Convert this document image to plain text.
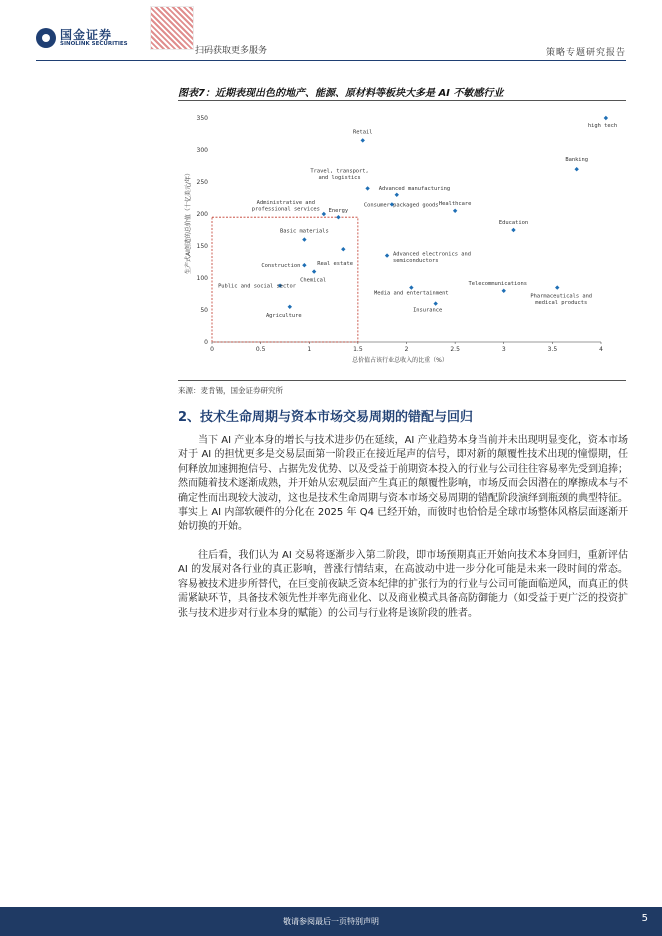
国金证券
SINOLINK SECURITIES
扫码获取更多服务	策略专题研究报告
图表7：近期表现出色的地产、能源、原材料等板块大多是 AI 不敏感行业
0
50
100
150
200
250
300
350
0	0.5	1	1.5	2	2.5	3	3.5	4
high tech
Retail
Banking
Travel, transport, and logistics
Advanced manufacturing
Consumer packaged goods Healthcare
Administrative and professional services Energy
Education
Basic materials
Real estate
Advanced electronics and semiconductors
Construction
Chemical
Public and social sector
Media and entertainment	Pharmaceuticals and medical products
Telecommunications
Insurance
Agriculture
生产式AI创造的总价值（十亿美元/年）
总价值占该行业总收入的比重（%）
来源：麦肯锡，国金证券研究所
2、技术生命周期与资本市场交易周期的错配与回归

当下 AI 产业本身的增长与技术进步仍在延续，AI 产业趋势本身当前并未出现明显变化，资本市场对于 AI 的担忧更多是交易层面第一阶段正在接近尾声的信号，即对新的颠覆性技术出现的憧憬期，任何释放加速拥抱信号、占据先发优势、以及受益于前期资本投入的行业与公司往往容易率先受到追捧；然而随着技术逐渐成熟，并开始从宏观层面产生真正的颠覆性影响，市场反而会因潜在的摩擦成本与不确定性而出现较大波动，这也是技术生命周期与资本市场交易周期的错配阶段演绎到瓶颈的典型特征。事实上 AI 内部软硬件的分化在 2025 年 Q4 已经开始，而彼时也恰恰是全球市场整体风格层面逐渐开始切换的开始。

往后看，我们认为 AI 交易将逐渐步入第二阶段，即市场预期真正开始向技术本身回归，重新评估 AI 的发展对各行业的真正影响，普涨行情结束，在高波动中进一步分化可能是未来一段时间的常态。容易被技术进步所替代，在巨变前夜缺乏资本纪律的扩张行为的行业与公司可能面临逆风，而真正的供需紧缺环节，具备技术领先性并率先商业化、以及商业模式具备高防御能力（如受益于更广泛的投资扩张与技术进步对行业本身的赋能）的公司与行业将是该阶段的胜者。

敬请参阅最后一页特别声明	5
